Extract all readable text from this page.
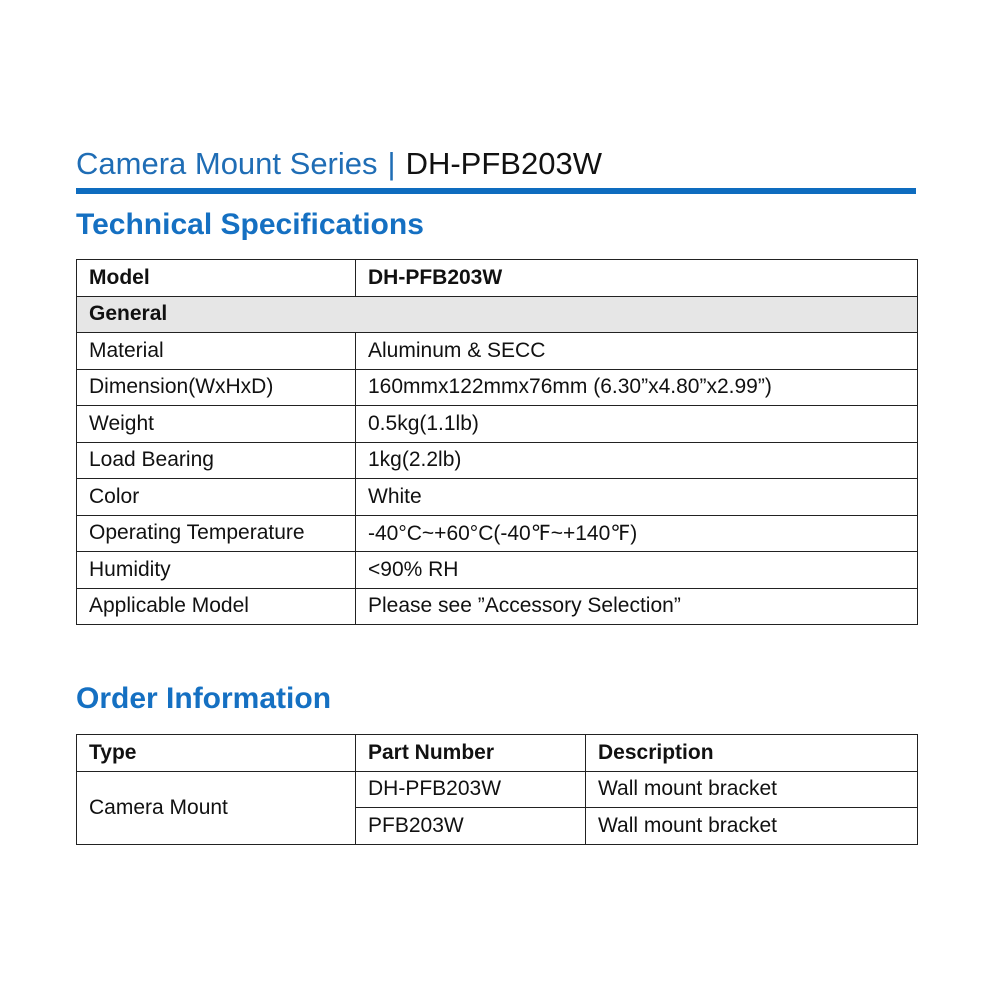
Camera Mount Series | DH-PFB203W
Technical Specifications
Model	DH-PFB203W
General	
Material	Aluminum & SECC
Dimension(WxHxD)	160mmx122mmx76mm (6.30”x4.80”x2.99”)
Weight	0.5kg(1.1lb)
Load Bearing	1kg(2.2lb)
Color	White
Operating Temperature	-40°C~+60°C(-40℉~+140℉)
Humidity	<90% RH
Applicable Model	Please see ”Accessory Selection”
Order Information
Type	Part Number	Description
Camera Mount	DH-PFB203W	Wall mount bracket
	PFB203W	Wall mount bracket
